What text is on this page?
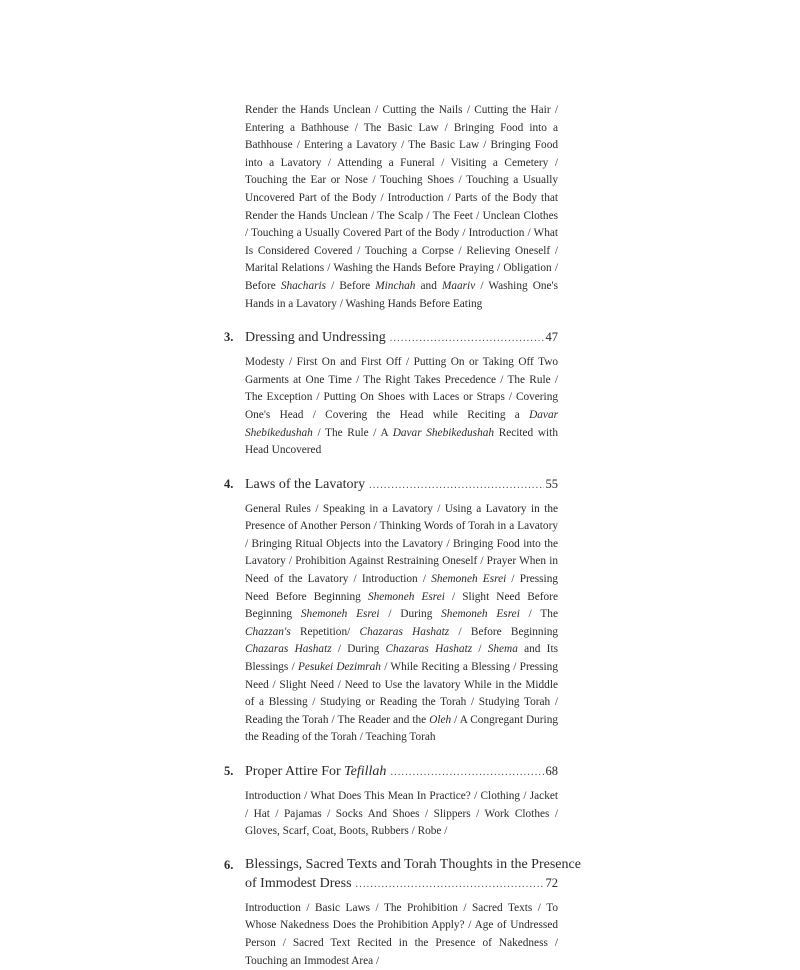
Render the Hands Unclean / Cutting the Nails / Cutting the Hair / Entering a Bathhouse / The Basic Law / Bringing Food into a Bathhouse / Entering a Lavatory / The Basic Law / Bringing Food into a Lavatory / Attending a Funeral / Visiting a Cemetery / Touching the Ear or Nose / Touching Shoes / Touching a Usually Uncovered Part of the Body / Introduction / Parts of the Body that Render the Hands Unclean / The Scalp / The Feet / Unclean Clothes / Touching a Usually Covered Part of the Body / Introduction / What Is Considered Covered / Touching a Corpse / Relieving Oneself / Marital Relations / Washing the Hands Before Praying / Obligation / Before Shacharis / Before Minchah and Maariv / Washing One's Hands in a Lavatory / Washing Hands Before Eating

3. Dressing and Undressing .....	47

Modesty / First On and First Off / Putting On or Taking Off Two Garments at One Time / The Right Takes Precedence / The Rule / The Exception / Putting On Shoes with Laces or Straps / Covering One's Head / Covering the Head while Reciting a Davar Shebikedushah / The Rule / A Davar Shebikedushah Recited with Head Uncovered

4. Laws of the Lavatory .....	55

General Rules / Speaking in a Lavatory / Using a Lavatory in the Presence of Another Person / Thinking Words of Torah in a Lavatory / Bringing Ritual Objects into the Lavatory / Bringing Food into the Lavatory / Prohibition Against Restraining Oneself / Prayer When in Need of the Lavatory / Introduction / Shemoneh Esrei / Pressing Need Before Beginning Shemoneh Esrei / Slight Need Before Beginning Shemoneh Esrei / During Shemoneh Esrei / The Chazzan's Repetition/ Chazaras Hashatz / Before Beginning Chazaras Hashatz / During Chazaras Hashatz / Shema and Its Blessings / Pesukei Dezimrah / While Reciting a Blessing / Pressing Need / Slight Need / Need to Use the lavatory While in the Middle of a Blessing / Studying or Reading the Torah / Studying Torah / Reading the Torah / The Reader and the Oleh / A Congregant During the Reading of the Torah / Teaching Torah

5. Proper Attire For Tefillah .....	68

Introduction / What Does This Mean In Practice? / Clothing / Jacket / Hat / Pajamas / Socks And Shoes / Slippers / Work Clothes / Gloves, Scarf, Coat, Boots, Rubbers / Robe /

6. Blessings, Sacred Texts and Torah Thoughts in the Presence
of Immodest Dress .....	72

Introduction / Basic Laws / The Prohibition / Sacred Texts / To Whose Nakedness Does the Prohibition Apply? / Age of Undressed Person / Sacred Text Recited in the Presence of Nakedness / Touching an Immodest Area /
